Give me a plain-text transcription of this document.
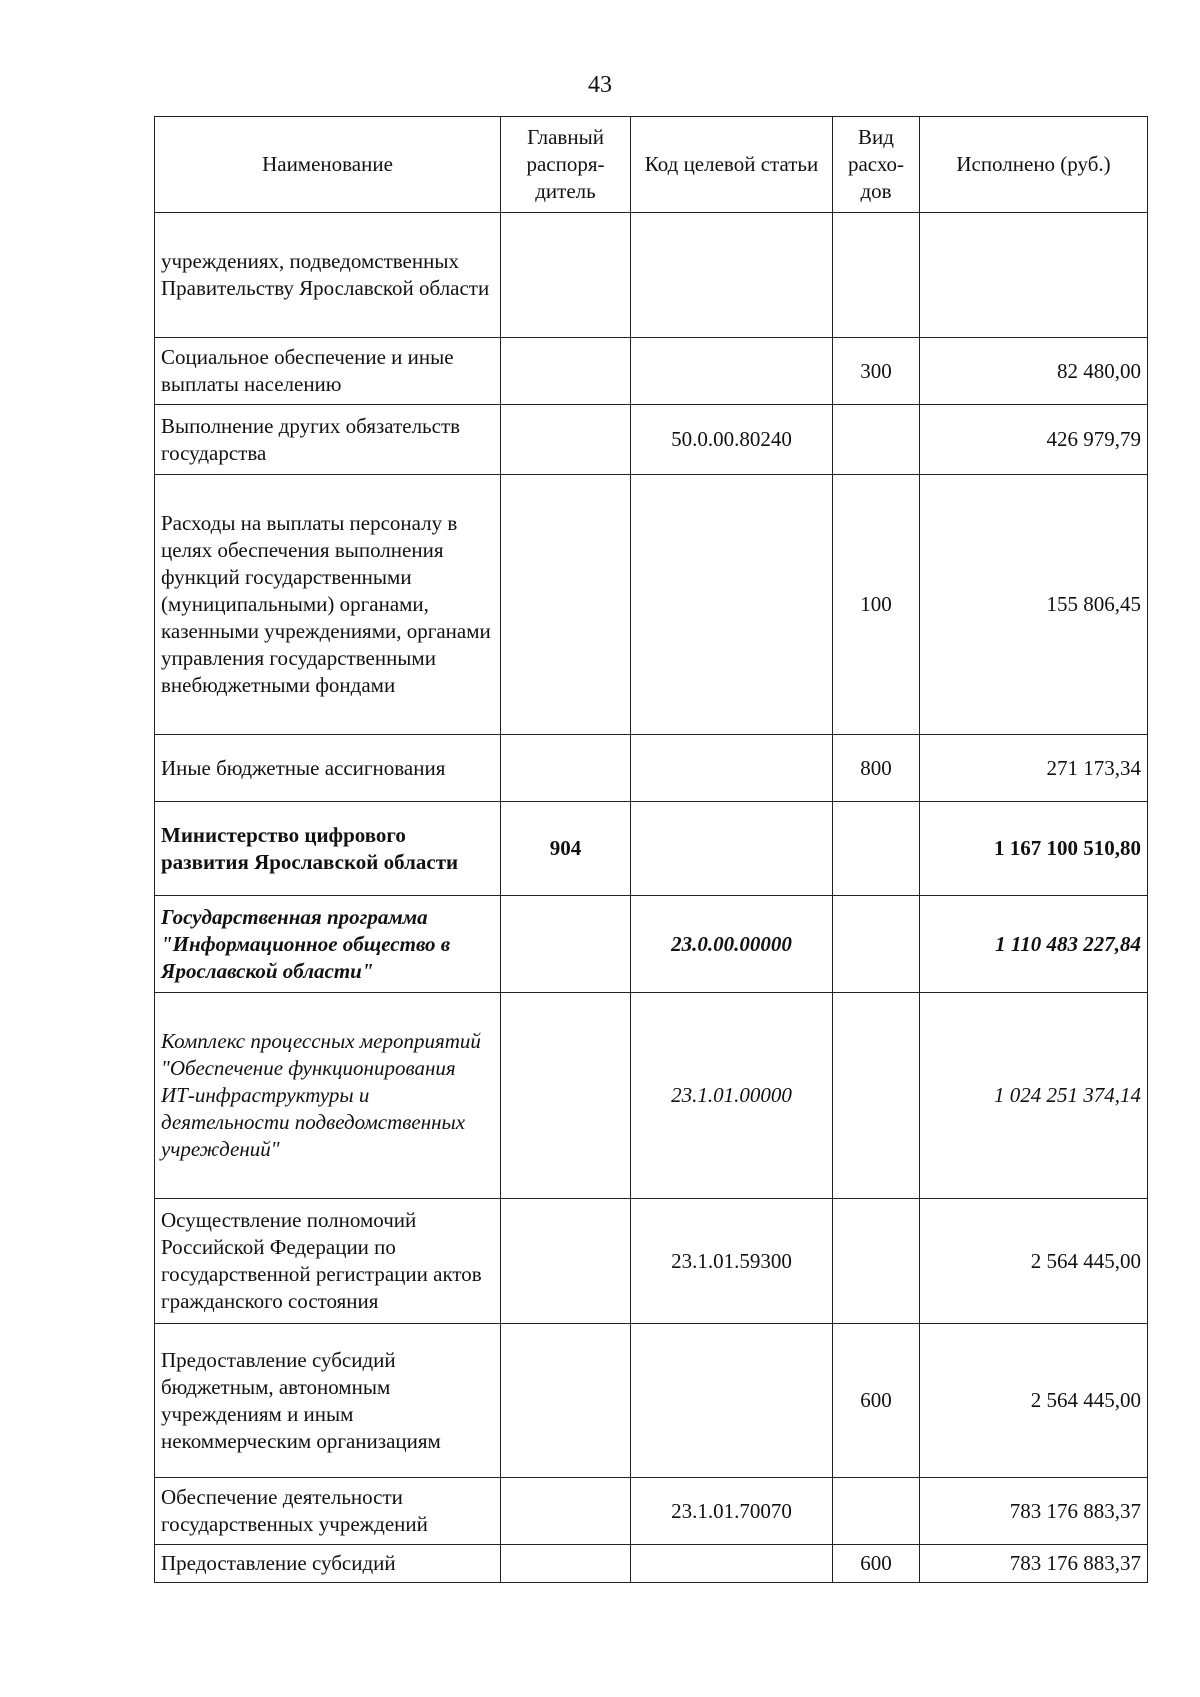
43
Наименование	Главный распоря-дитель	Код целевой статьи	Вид расхо-дов	Исполнено (руб.)
учреждениях, подведомственных Правительству Ярославской области				
Социальное обеспечение и иные выплаты населению			300	82 480,00
Выполнение других обязательств государства		50.0.00.80240		426 979,79
Расходы на выплаты персоналу в целях обеспечения выполнения функций государственными (муниципальными) органами, казенными учреждениями, органами управления государственными внебюджетными фондами			100	155 806,45
Иные бюджетные ассигнования			800	271 173,34
Министерство цифрового развития Ярославской области	904			1 167 100 510,80
Государственная программа "Информационное общество в Ярославской области"		23.0.00.00000		1 110 483 227,84
Комплекс процессных мероприятий "Обеспечение функционирования ИТ-инфраструктуры и деятельности подведомственных учреждений"		23.1.01.00000		1 024 251 374,14
Осуществление полномочий Российской Федерации по государственной регистрации актов гражданского состояния		23.1.01.59300		2 564 445,00
Предоставление субсидий бюджетным, автономным учреждениям и иным некоммерческим организациям			600	2 564 445,00
Обеспечение деятельности государственных учреждений		23.1.01.70070		783 176 883,37
Предоставление субсидий			600	783 176 883,37
